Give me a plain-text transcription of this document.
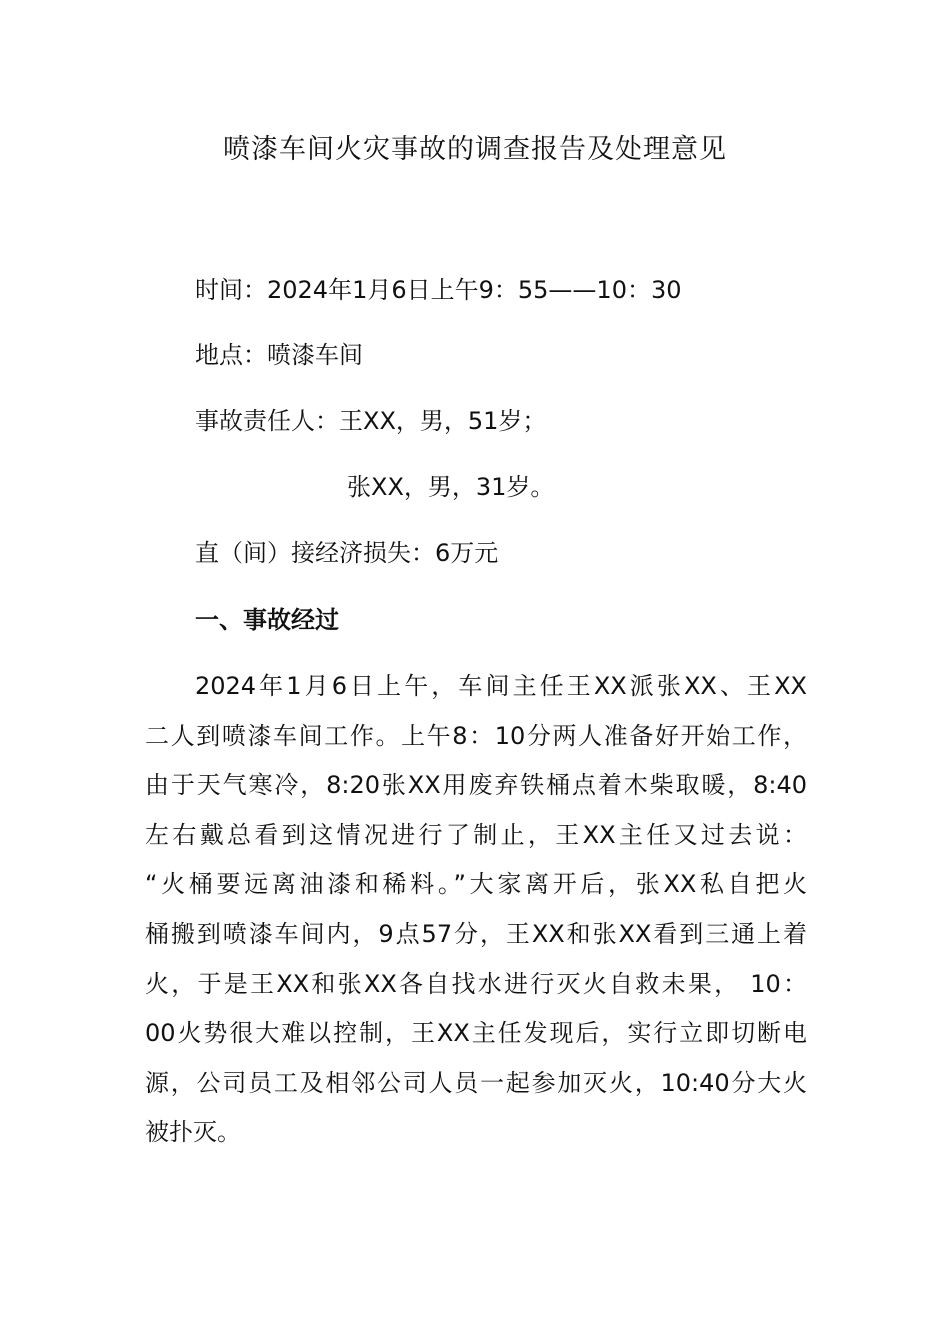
喷漆车间火灾事故的调查报告及处理意见
时间：2024年1月6日上午9：55——10：30
地点：喷漆车间
事故责任人：王XX，男，51岁；
张XX，男，31岁。
直（间）接经济损失：6万元
一、事故经过
2024年1月6日上午，车间主任王XX派张XX、王XX
二人到喷漆车间工作。上午8：10分两人准备好开始工作，
由于天气寒冷，8:20张XX用废弃铁桶点着木柴取暖，8:40
左右戴总看到这情况进行了制止，王XX主任又过去说：
“火桶要远离油漆和稀料。”大家离开后，张XX私自把火
桶搬到喷漆车间内，9点57分，王XX和张XX看到三通上着
火，于是王XX和张XX各自找水进行灭火自救未果， 10：
00火势很大难以控制，王XX主任发现后，实行立即切断电
源，公司员工及相邻公司人员一起参加灭火，10:40分大火
被扑灭。
